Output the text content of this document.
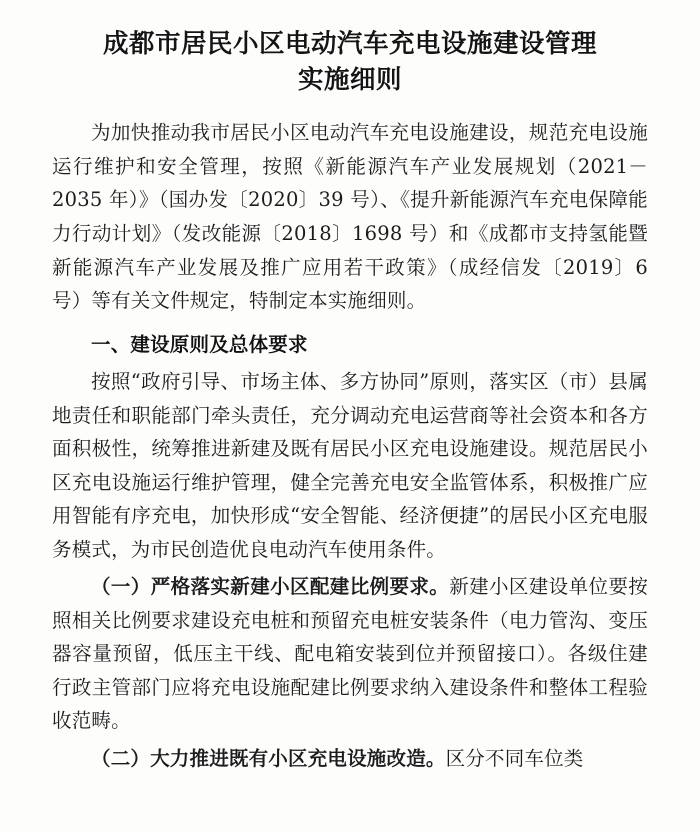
成都市居民小区电动汽车充电设施建设管理
实施细则

为加快推动我市居民小区电动汽车充电设施建设，规范充电设施运行维护和安全管理，按照《新能源汽车产业发展规划（2021－2035 年）》（国办发〔2020〕39 号）、《提升新能源汽车充电保障能力行动计划》（发改能源〔2018〕1698 号）和《成都市支持氢能暨新能源汽车产业发展及推广应用若干政策》（成经信发〔2019〕6 号）等有关文件规定，特制定本实施细则。

一、建设原则及总体要求

按照“政府引导、市场主体、多方协同”原则，落实区（市）县属地责任和职能部门牵头责任，充分调动充电运营商等社会资本和各方面积极性，统筹推进新建及既有居民小区充电设施建设。规范居民小区充电设施运行维护管理，健全完善充电安全监管体系，积极推广应用智能有序充电，加快形成“安全智能、经济便捷”的居民小区充电服务模式，为市民创造优良电动汽车使用条件。

（一）严格落实新建小区配建比例要求。新建小区建设单位要按照相关比例要求建设充电桩和预留充电桩安装条件（电力管沟、变压器容量预留，低压主干线、配电箱安装到位并预留接口）。各级住建行政主管部门应将充电设施配建比例要求纳入建设条件和整体工程验收范畴。

（二）大力推进既有小区充电设施改造。区分不同车位类
